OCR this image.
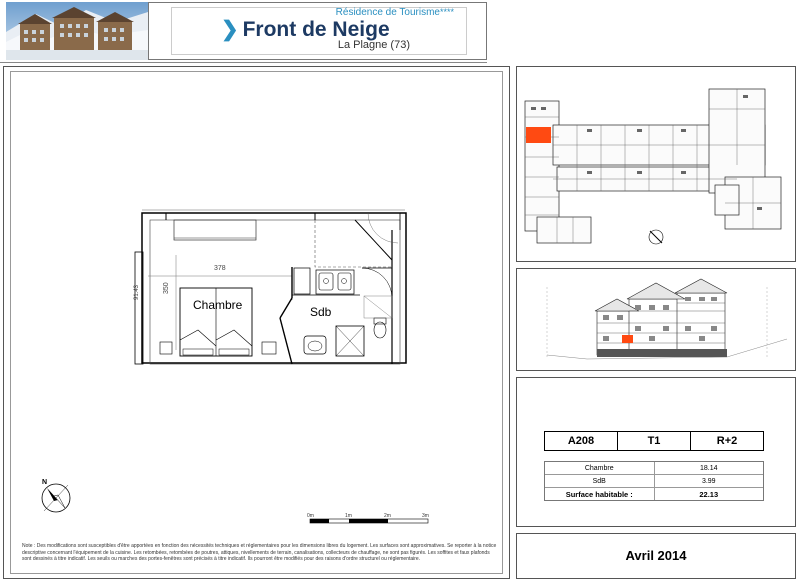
Résidence de Tourisme****
❯ Front de Neige
La Plagne (73)
Chambre	Sdb
378
350
91.43
N
0m	1m	2m	3m
Note : Des modifications sont susceptibles d'être apportées en fonction des nécessités techniques et réglementaires pour les dimensions libres du logement. Les surfaces sont approximatives. Se reporter à la notice descriptive concernant l'équipement de la cuisine. Les retombées, retombées de poutres, attiques, nivellements de terrain, canalisations, collecteurs de chauffage, ne sont pas figurés. Les soffites et faux plafonds sont dessinés à titre indicatif. Les seuils ou marches des portes-fenêtres sont précisés à titre indicatif. Ils pourront être modifiés pour des raisons d'ordre structurel ou réglementaire.
A208	T1	R+2
Chambre	18.14
SdB	3.99
Surface habitable :	22.13
Avril 2014
